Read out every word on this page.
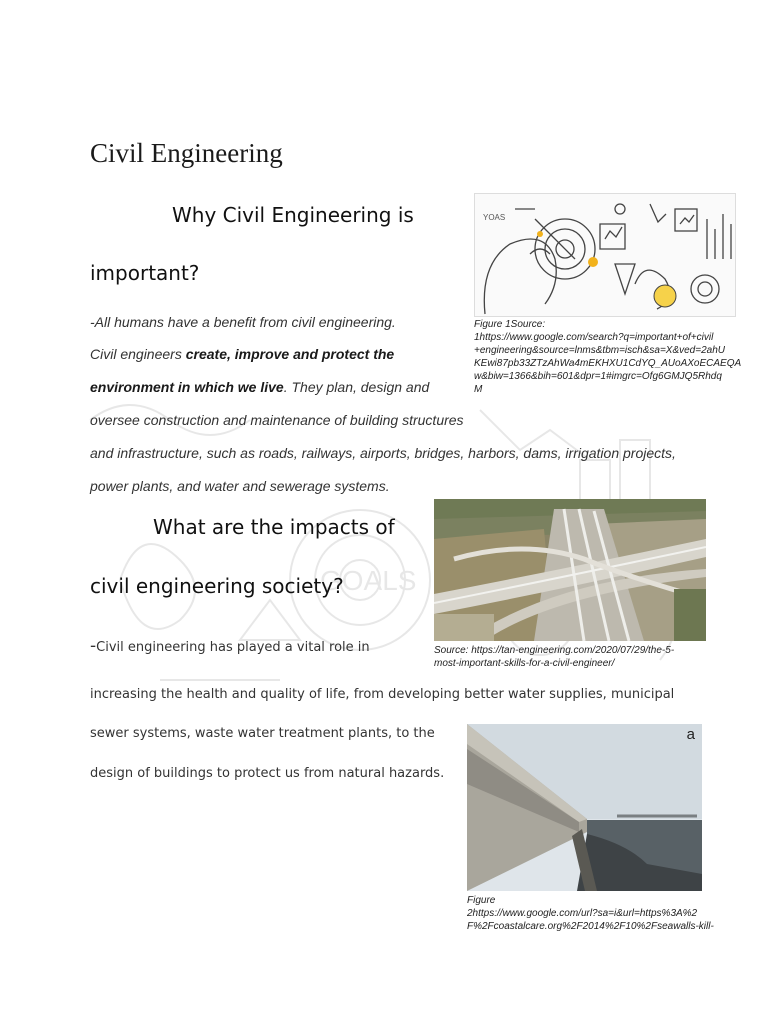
GOALS
Civil Engineering
Why Civil Engineering is
important?
-All humans have a benefit from civil engineering.
Civil engineers create, improve and protect the
environment in which we live. They plan, design and
oversee construction and maintenance of building structures
and infrastructure, such as roads, railways, airports, bridges, harbors, dams, irrigation projects,
power plants, and water and sewerage systems.
YOAS
Figure 1Source:
1https://www.google.com/search?q=important+of+civil
+engineering&source=lnms&tbm=isch&sa=X&ved=2ahU
KEwi87pb33ZTzAhWa4mEKHXU1CdYQ_AUoAXoECAEQA
w&biw=1366&bih=601&dpr=1#imgrc=Ofg6GMJQ5Rhdq
M
What are the impacts of
civil engineering society?
-Civil engineering has played a vital role in
increasing the health and quality of life, from developing better water supplies, municipal
sewer systems, waste water treatment plants, to the
design of buildings to protect us from natural hazards.
Source: https://tan-engineering.com/2020/07/29/the-5-
most-important-skills-for-a-civil-engineer/
a
Figure
2https://www.google.com/url?sa=i&url=https%3A%2
F%2Fcoastalcare.org%2F2014%2F10%2Fseawalls-kill-
